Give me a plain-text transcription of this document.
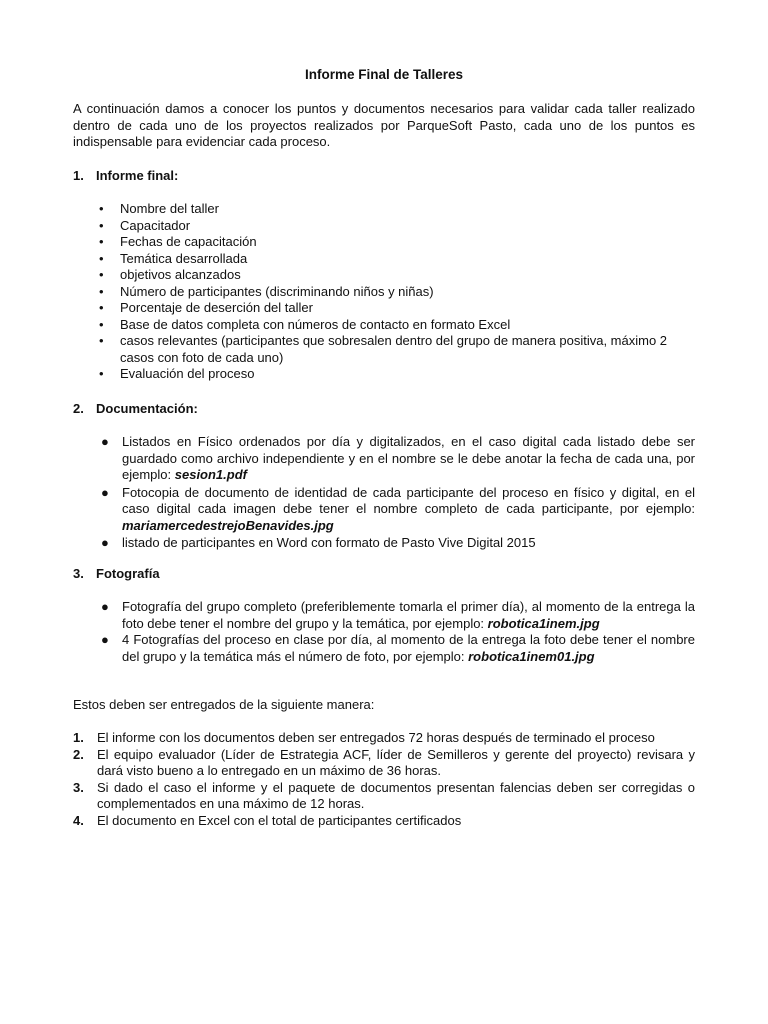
Informe Final de Talleres
A continuación damos a conocer los puntos y documentos necesarios para validar cada taller realizado dentro de cada uno de los proyectos realizados por ParqueSoft Pasto, cada uno de los puntos es indispensable para evidenciar cada proceso.
1. Informe final:
• Nombre del taller
• Capacitador
• Fechas de capacitación
• Temática desarrollada
• objetivos alcanzados
• Número de participantes (discriminando niños y niñas)
• Porcentaje de deserción del taller
• Base de datos completa con números de contacto en formato Excel
• casos relevantes (participantes que sobresalen dentro del grupo de manera positiva, máximo 2 casos con foto de cada uno)
• Evaluación del proceso
2. Documentación:
● Listados en Físico ordenados por día y digitalizados, en el caso digital cada listado debe ser guardado como archivo independiente y en el nombre se le debe anotar la fecha de cada una, por ejemplo: sesion1.pdf
● Fotocopia de documento de identidad de cada participante del proceso en físico y digital, en el caso digital cada imagen debe tener el nombre completo de cada participante, por ejemplo: mariamercedestrejoBenavides.jpg
● listado de participantes en Word con formato de Pasto Vive Digital 2015
3. Fotografía
● Fotografía del grupo completo (preferiblemente tomarla el primer día), al momento de la entrega la foto debe tener el nombre del grupo y la temática, por ejemplo: robotica1inem.jpg
● 4 Fotografías del proceso en clase por día, al momento de la entrega la foto debe tener el nombre del grupo y la temática más el número de foto, por ejemplo: robotica1inem01.jpg
Estos deben ser entregados de la siguiente manera:
1. El informe con los documentos deben ser entregados 72 horas después de terminado el proceso
2. El equipo evaluador (Líder de Estrategia ACF, líder de Semilleros y gerente del proyecto) revisara y dará visto bueno a lo entregado en un máximo de 36 horas.
3. Si dado el caso el informe y el paquete de documentos presentan falencias deben ser corregidas o complementados en una máximo de 12 horas.
4. El documento en Excel con el total de participantes certificados
